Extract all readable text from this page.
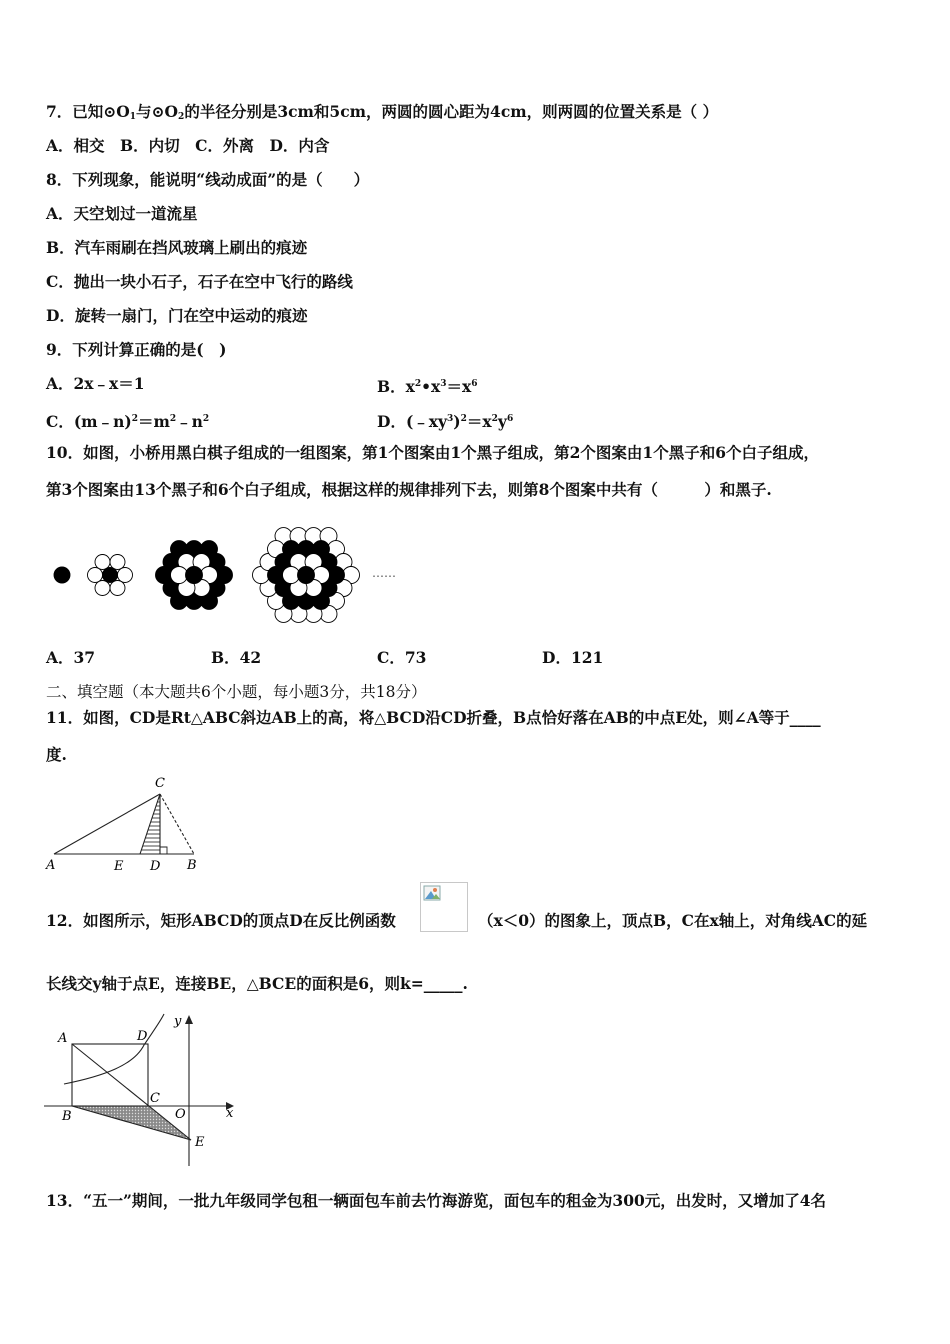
7．已知$⊙O_1$与$⊙O_2$的半径分别是3cm和5cm，两圆的圆心距为4cm，则两圆的位置关系是（ ）
A．相交　B．内切　C．外离　D．内含
8．下列现象，能说明“线动成面”的是（　　）
A．天空划过一道流星
B．汽车雨刷在挡风玻璃上刷出的痕迹
C．抛出一块小石子，石子在空中飞行的路线
D．旋转一扇门，门在空中运动的痕迹
9．下列计算正确的是(　)
A．2x﹣x＝1	B．$x^2•x^3=x^6$
C．$(m﹣n)^2=m^2﹣n^2$	D．$(﹣xy^3)^2=x^2y^6$
10．如图，小桥用黑白棋子组成的一组图案，第1个图案由1个黑子组成，第2个图案由1个黑子和6个白子组成，
第3个图案由13个黑子和6个白子组成，根据这样的规律排列下去，则第8个图案中共有（　　　）和黑子.
……
A．37	B．42	C．73	D．121
二、填空题（本大题共6个小题，每小题3分，共18分）
11．如图，CD是Rt△ABC斜边AB上的高，将△BCD沿CD折叠，B点恰好落在AB的中点E处，则∠A等于____
度.
C
A	E D B
12．如图所示，矩形ABCD的顶点D在反比例函数	（x＜0）的图象上，顶点B，C在x轴上，对角线AC的延
长线交y轴于点E，连接BE，△BCE的面积是6，则k=_____.
A	D
y
B
C
O	x
E
13．“五一”期间，一批九年级同学包租一辆面包车前去竹海游览，面包车的租金为300元，出发时，又增加了4名
